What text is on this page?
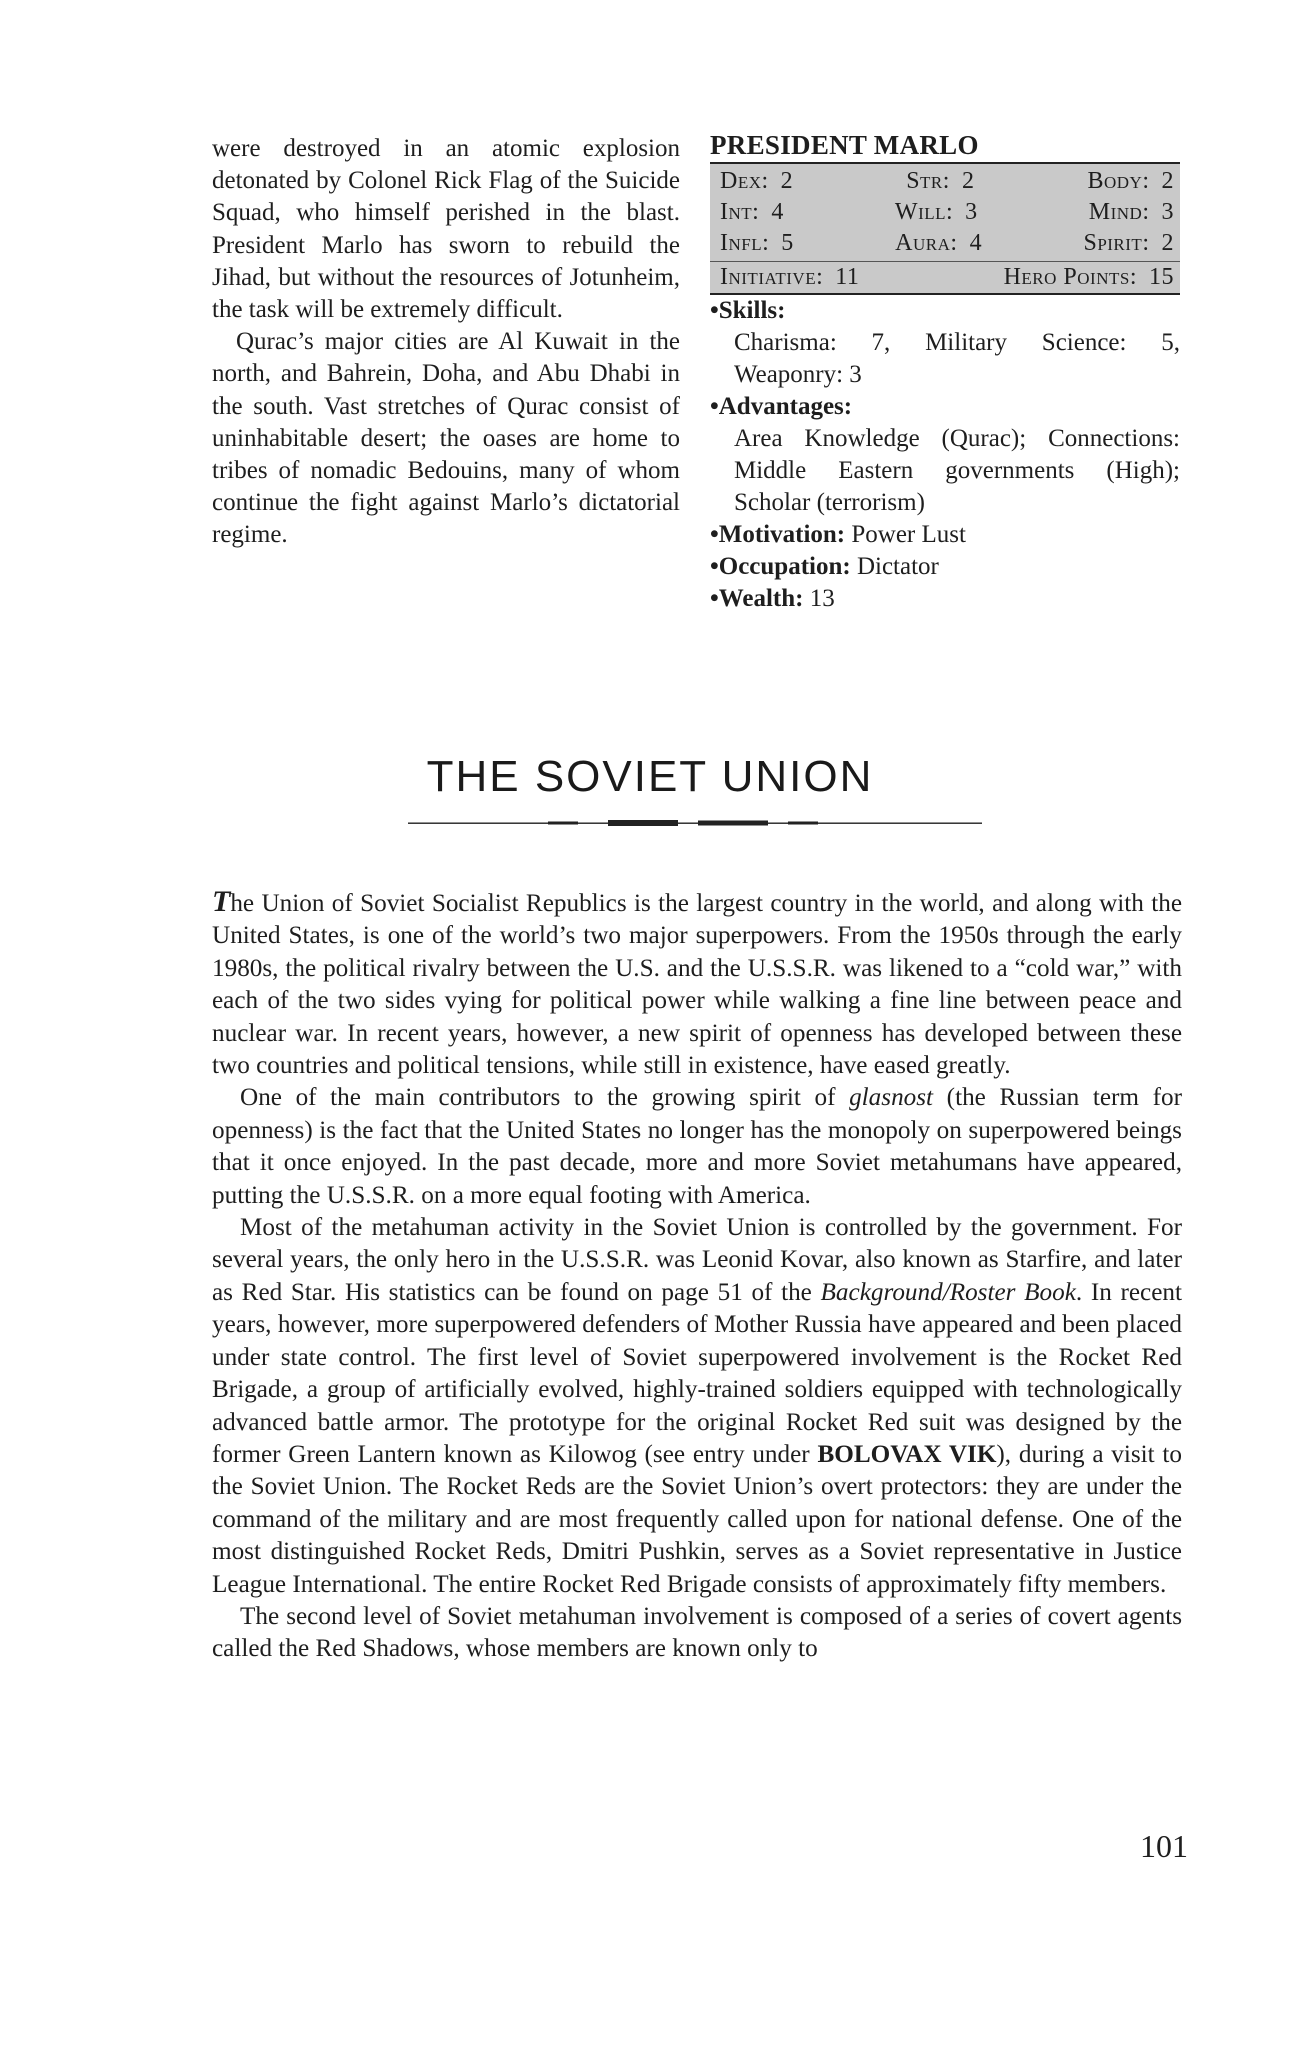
were destroyed in an atomic explosion detonated by Colonel Rick Flag of the Suicide Squad, who himself perished in the blast. President Marlo has sworn to rebuild the Jihad, but without the resources of Jotunheim, the task will be extremely difficult.

Qurac’s major cities are Al Kuwait in the north, and Bahrein, Doha, and Abu Dhabi in the south. Vast stretches of Qurac consist of uninhabitable desert; the oases are home to tribes of nomadic Bedouins, many of whom continue the fight against Marlo’s dictatorial regime.

PRESIDENT MARLO
Dex: 2	Str: 2	Body: 2
Int: 4	Will: 3	Mind: 3
Infl: 5	Aura: 4	Spirit: 2
Initiative: 11	Hero Points: 15
•Skills:
Charisma: 7, Military Science: 5, Weaponry: 3
•Advantages:
Area Knowledge (Qurac); Connections: Middle Eastern governments (High); Scholar (terrorism)
•Motivation: Power Lust
•Occupation: Dictator
•Wealth: 13
THE SOVIET UNION

The Union of Soviet Socialist Republics is the largest country in the world, and along with the United States, is one of the world’s two major superpowers. From the 1950s through the early 1980s, the political rivalry between the U.S. and the U.S.S.R. was likened to a “cold war,” with each of the two sides vying for political power while walking a fine line between peace and nuclear war. In recent years, however, a new spirit of openness has developed between these two countries and political tensions, while still in existence, have eased greatly.

One of the main contributors to the growing spirit of glasnost (the Russian term for openness) is the fact that the United States no longer has the monopoly on superpowered beings that it once enjoyed. In the past decade, more and more Soviet metahumans have appeared, putting the U.S.S.R. on a more equal footing with America.

Most of the metahuman activity in the Soviet Union is controlled by the government. For several years, the only hero in the U.S.S.R. was Leonid Kovar, also known as Starfire, and later as Red Star. His statistics can be found on page 51 of the Background/Roster Book. In recent years, however, more superpowered defenders of Mother Russia have appeared and been placed under state control. The first level of Soviet superpowered involvement is the Rocket Red Brigade, a group of artificially evolved, highly-trained soldiers equipped with technologically advanced battle armor. The prototype for the original Rocket Red suit was designed by the former Green Lantern known as Kilowog (see entry under BOLOVAX VIK), during a visit to the Soviet Union. The Rocket Reds are the Soviet Union’s overt protectors: they are under the command of the military and are most frequently called upon for national defense. One of the most distinguished Rocket Reds, Dmitri Pushkin, serves as a Soviet representative in Justice League International. The entire Rocket Red Brigade consists of approximately fifty members.

The second level of Soviet metahuman involvement is composed of a series of covert agents called the Red Shadows, whose members are known only to

101
